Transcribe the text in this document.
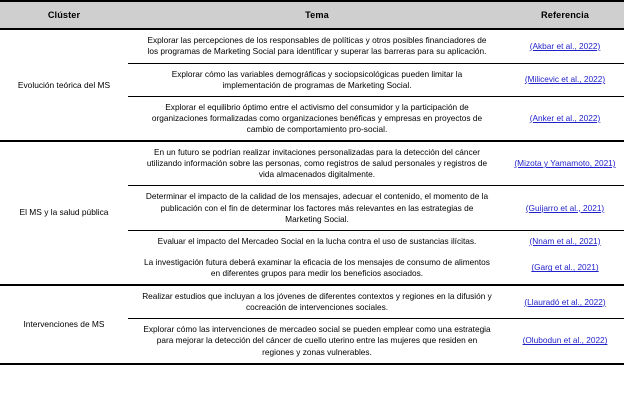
Clúster	Tema	Referencia
Evolución teórica del MS	Explorar las percepciones de los responsables de políticas y otros posibles financiadores de los programas de Marketing Social para identificar y superar las barreras para su aplicación.	(Akbar et al., 2022)

	Explorar cómo las variables demográficas y sociopsicológicas pueden limitar la implementación de programas de Marketing Social.	(Milicevic et al., 2022)

	Explorar el equilibrio óptimo entre el activismo del consumidor y la participación de organizaciones formalizadas como organizaciones benéficas y empresas en proyectos de cambio de comportamiento pro-social.	(Anker et al., 2022)
El MS y la salud pública	En un futuro se podrían realizar invitaciones personalizadas para la detección del cáncer utilizando información sobre las personas, como registros de salud personales y registros de vida almacenados digitalmente.	(Mizota y Yamamoto, 2021)

	Determinar el impacto de la calidad de los mensajes, adecuar el contenido, el momento de la publicación con el fin de determinar los factores más relevantes en las estrategias de Marketing Social.	(Guijarro et al., 2021)

	Evaluar el impacto del Mercadeo Social en la lucha contra el uso de sustancias ilícitas.	(Nnam et al., 2021)

	La investigación futura deberá examinar la eficacia de los mensajes de consumo de alimentos en diferentes grupos para medir los beneficios asociados.	(Garg et al., 2021)
Intervenciones de MS	Realizar estudios que incluyan a los jóvenes de diferentes contextos y regiones en la difusión y cocreación de intervenciones sociales.	(Llauradó et al., 2022)

	Explorar cómo las intervenciones de mercadeo social se pueden emplear como una estrategia para mejorar la detección del cáncer de cuello uterino entre las mujeres que residen en regiones y zonas vulnerables.	(Olubodun et al., 2022)
